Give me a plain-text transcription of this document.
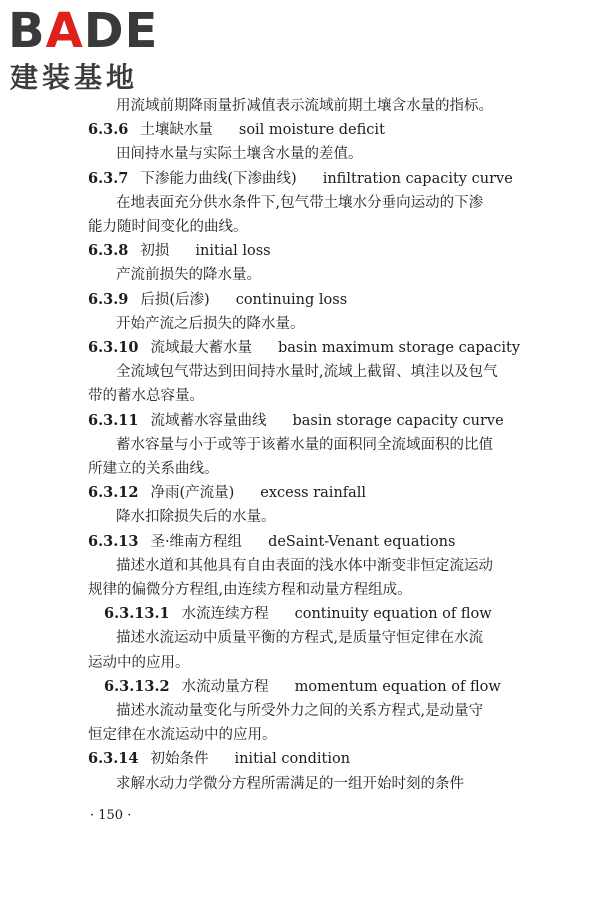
BADE
建装基地
用流域前期降雨量折减值表示流域前期土壤含水量的指标。
6.3.6 土壤缺水量 soil moisture deficit
田间持水量与实际土壤含水量的差值。
6.3.7 下渗能力曲线(下渗曲线) infiltration capacity curve
在地表面充分供水条件下,包气带土壤水分垂向运动的下渗
能力随时间变化的曲线。
6.3.8 初损 initial loss
产流前损失的降水量。
6.3.9 后损(后渗) continuing loss
开始产流之后损失的降水量。
6.3.10 流域最大蓄水量 basin maximum storage capacity
全流域包气带达到田间持水量时,流域上截留、填洼以及包气
带的蓄水总容量。
6.3.11 流域蓄水容量曲线 basin storage capacity curve
蓄水容量与小于或等于该蓄水量的面积同全流域面积的比值
所建立的关系曲线。
6.3.12 净雨(产流量) excess rainfall
降水扣除损失后的水量。
6.3.13 圣·维南方程组 deSaint-Venant equations
描述水道和其他具有自由表面的浅水体中渐变非恒定流运动
规律的偏微分方程组,由连续方程和动量方程组成。
6.3.13.1 水流连续方程 continuity equation of flow
描述水流运动中质量平衡的方程式,是质量守恒定律在水流
运动中的应用。
6.3.13.2 水流动量方程 momentum equation of flow
描述水流动量变化与所受外力之间的关系方程式,是动量守
恒定律在水流运动中的应用。
6.3.14 初始条件 initial condition
求解水动力学微分方程所需满足的一组开始时刻的条件
· 150 ·
